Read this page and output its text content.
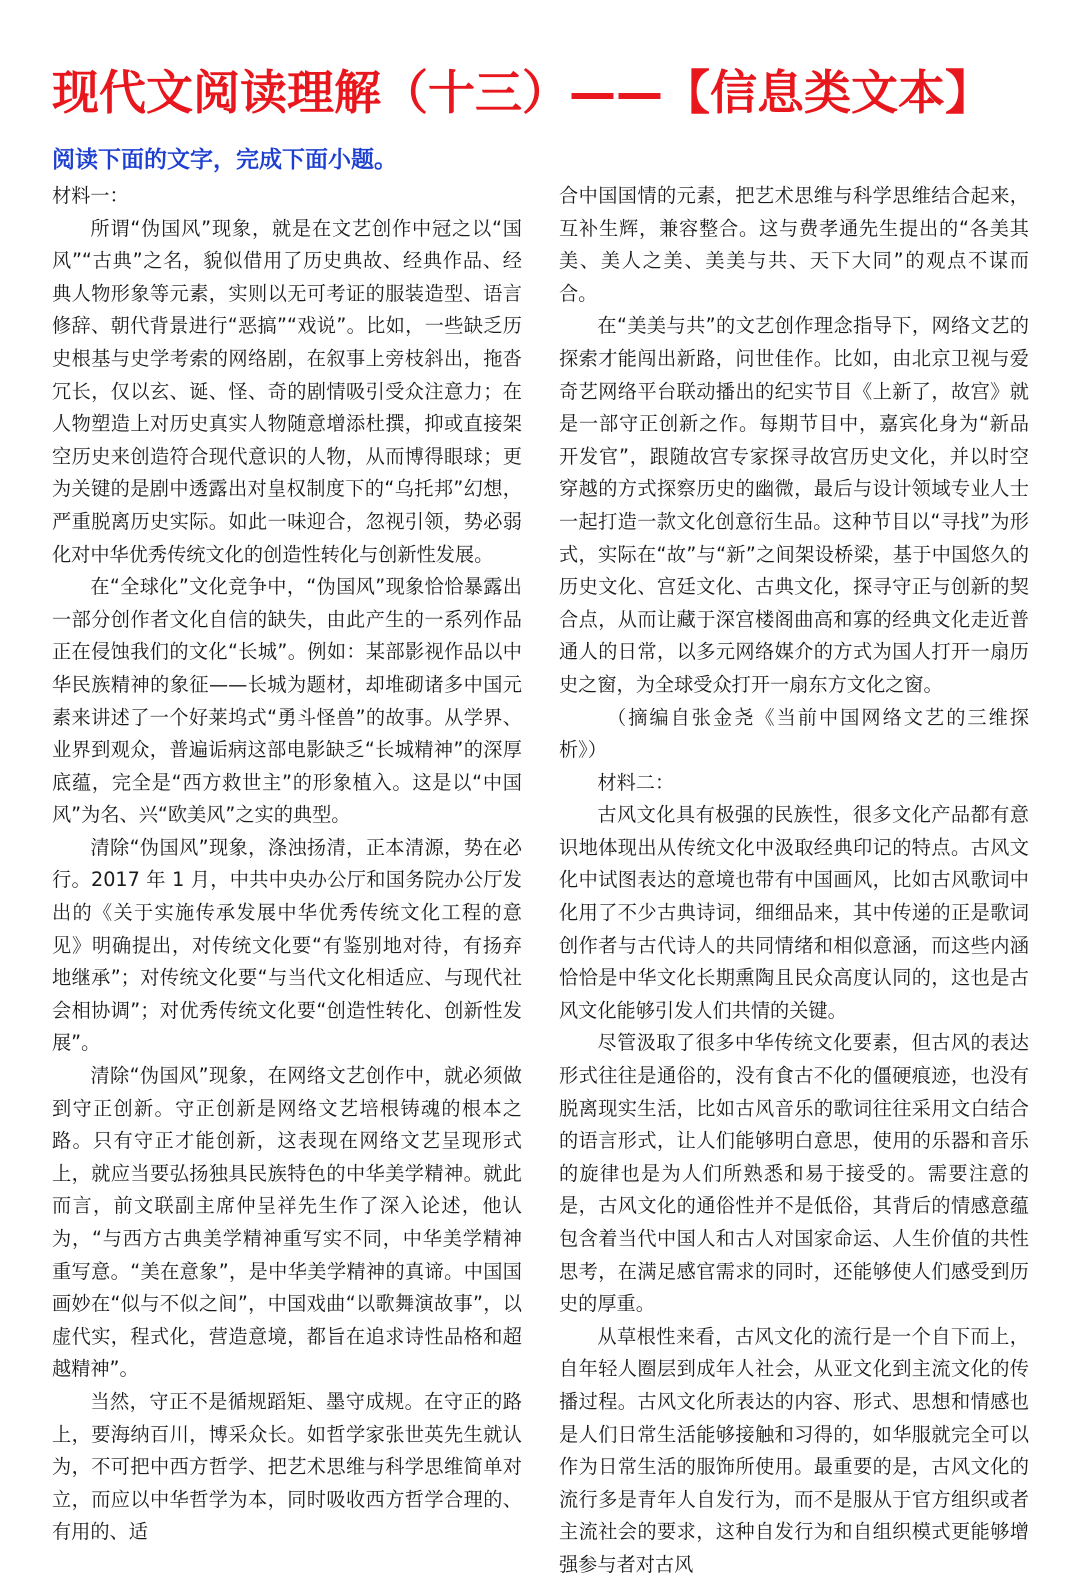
现代文阅读理解（十三）——【信息类文本】
阅读下面的文字，完成下面小题。

材料一：

所谓“伪国风”现象，就是在文艺创作中冠之以“国风”“古典”之名，貌似借用了历史典故、经典作品、经典人物形象等元素，实则以无可考证的服装造型、语言修辞、朝代背景进行“恶搞”“戏说”。比如，一些缺乏历史根基与史学考索的网络剧，在叙事上旁枝斜出，拖沓冗长，仅以玄、诞、怪、奇的剧情吸引受众注意力；在人物塑造上对历史真实人物随意增添杜撰，抑或直接架空历史来创造符合现代意识的人物，从而博得眼球；更为关键的是剧中透露出对皇权制度下的“乌托邦”幻想，严重脱离历史实际。如此一味迎合，忽视引领，势必弱化对中华优秀传统文化的创造性转化与创新性发展。

在“全球化”文化竞争中，“伪国风”现象恰恰暴露出一部分创作者文化自信的缺失，由此产生的一系列作品正在侵蚀我们的文化“长城”。例如：某部影视作品以中华民族精神的象征——长城为题材，却堆砌诸多中国元素来讲述了一个好莱坞式“勇斗怪兽”的故事。从学界、业界到观众，普遍诟病这部电影缺乏“长城精神”的深厚底蕴，完全是“西方救世主”的形象植入。这是以“中国风”为名、兴“欧美风”之实的典型。

清除“伪国风”现象，涤浊扬清，正本清源，势在必行。2017 年 1 月，中共中央办公厅和国务院办公厅发出的《关于实施传承发展中华优秀传统文化工程的意见》明确提出，对传统文化要“有鉴别地对待，有扬弃地继承”；对传统文化要“与当代文化相适应、与现代社会相协调”；对优秀传统文化要“创造性转化、创新性发展”。

清除“伪国风”现象，在网络文艺创作中，就必须做到守正创新。守正创新是网络文艺培根铸魂的根本之路。只有守正才能创新，这表现在网络文艺呈现形式上，就应当要弘扬独具民族特色的中华美学精神。就此而言，前文联副主席仲呈祥先生作了深入论述，他认为，“与西方古典美学精神重写实不同，中华美学精神重写意。“美在意象”，是中华美学精神的真谛。中国国画妙在“似与不似之间”，中国戏曲“以歌舞演故事”，以虚代实，程式化，营造意境，都旨在追求诗性品格和超越精神”。

当然，守正不是循规蹈矩、墨守成规。在守正的路上，要海纳百川，博采众长。如哲学家张世英先生就认为，不可把中西方哲学、把艺术思维与科学思维简单对立，而应以中华哲学为本，同时吸收西方哲学合理的、有用的、适

合中国国情的元素，把艺术思维与科学思维结合起来，互补生辉，兼容整合。这与费孝通先生提出的“各美其美、美人之美、美美与共、天下大同”的观点不谋而合。

在“美美与共”的文艺创作理念指导下，网络文艺的探索才能闯出新路，问世佳作。比如，由北京卫视与爱奇艺网络平台联动播出的纪实节目《上新了，故宫》就是一部守正创新之作。每期节目中，嘉宾化身为“新品开发官”，跟随故宫专家探寻故宫历史文化，并以时空穿越的方式探察历史的幽微，最后与设计领域专业人士一起打造一款文化创意衍生品。这种节目以“寻找”为形式，实际在“故”与“新”之间架设桥梁，基于中国悠久的历史文化、宫廷文化、古典文化，探寻守正与创新的契合点，从而让藏于深宫楼阁曲高和寡的经典文化走近普通人的日常，以多元网络媒介的方式为国人打开一扇历史之窗，为全球受众打开一扇东方文化之窗。

（摘编自张金尧《当前中国网络文艺的三维探析》）

材料二：

古风文化具有极强的民族性，很多文化产品都有意识地体现出从传统文化中汲取经典印记的特点。古风文化中试图表达的意境也带有中国画风，比如古风歌词中化用了不少古典诗词，细细品来，其中传递的正是歌词创作者与古代诗人的共同情绪和相似意涵，而这些内涵恰恰是中华文化长期熏陶且民众高度认同的，这也是古风文化能够引发人们共情的关键。

尽管汲取了很多中华传统文化要素，但古风的表达形式往往是通俗的，没有食古不化的僵硬痕迹，也没有脱离现实生活，比如古风音乐的歌词往往采用文白结合的语言形式，让人们能够明白意思，使用的乐器和音乐的旋律也是为人们所熟悉和易于接受的。需要注意的是，古风文化的通俗性并不是低俗，其背后的情感意蕴包含着当代中国人和古人对国家命运、人生价值的共性思考，在满足感官需求的同时，还能够使人们感受到历史的厚重。

从草根性来看，古风文化的流行是一个自下而上，自年轻人圈层到成年人社会，从亚文化到主流文化的传播过程。古风文化所表达的内容、形式、思想和情感也是人们日常生活能够接触和习得的，如华服就完全可以作为日常生活的服饰所使用。最重要的是，古风文化的流行多是青年人自发行为，而不是服从于官方组织或者主流社会的要求，这种自发行为和自组织模式更能够增强参与者对古风
